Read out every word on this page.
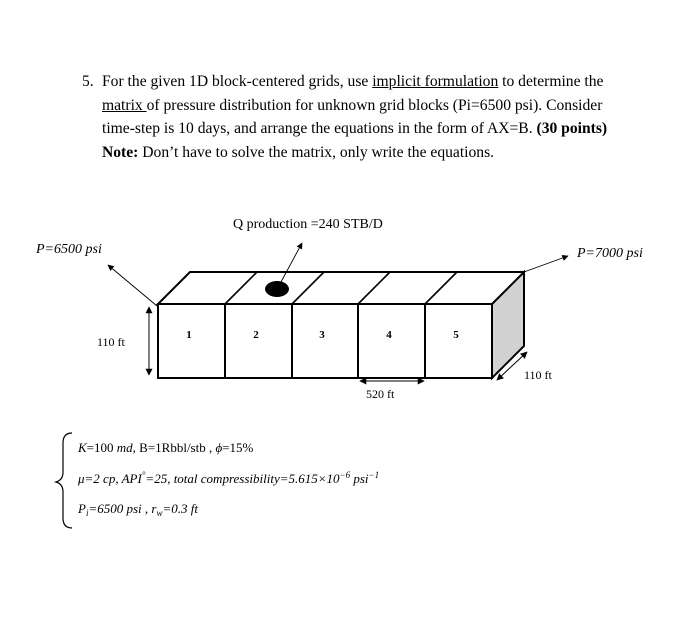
5. For the given 1D block-centered grids, use implicit formulation to determine the
matrix of pressure distribution for unknown grid blocks (Pi=6500 psi). Consider
time-step is 10 days, and arrange the equations in the form of AX=B. (30 points)
Note: Don’t have to solve the matrix, only write the equations.
1	2	3	4	5
Q production =240 STB/D
P=6500 psi	P=7000 psi
110 ft
110 ft
520 ft
K=100 md, B=1Rbbl/stb , ϕ=15%
μ=2 cp, API°=25, total $compressibility=5.615\times 10^{-6}$ psi$^{-1}$
$P_i=6500$ psi , $r_w=0.3$ ft
